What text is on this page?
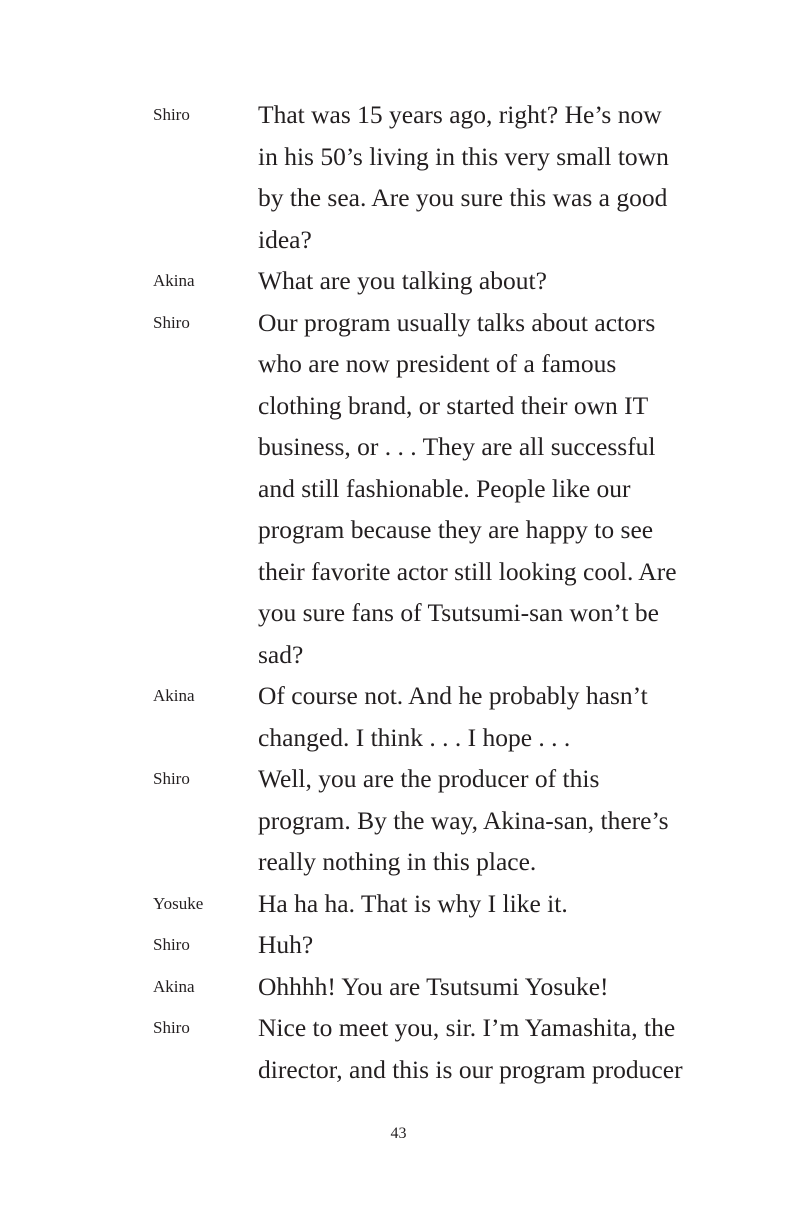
Shiro	That was 15 years ago, right? He’s now
in his 50’s living in this very small town
by the sea. Are you sure this was a good
idea?
Akina	What are you talking about?
Shiro	Our program usually talks about actors
who are now president of a famous
clothing brand, or started their own IT
business, or . . . They are all successful
and still fashionable. People like our
program because they are happy to see
their favorite actor still looking cool. Are
you sure fans of Tsutsumi-san won’t be
sad?
Akina	Of course not. And he probably hasn’t
changed. I think . . . I hope . . .
Shiro	Well, you are the producer of this
program. By the way, Akina-san, there’s
really nothing in this place.
Yosuke	Ha ha ha. That is why I like it.
Shiro	Huh?
Akina	Ohhhh! You are Tsutsumi Yosuke!
Shiro	Nice to meet you, sir. I’m Yamashita, the
director, and this is our program producer
43
